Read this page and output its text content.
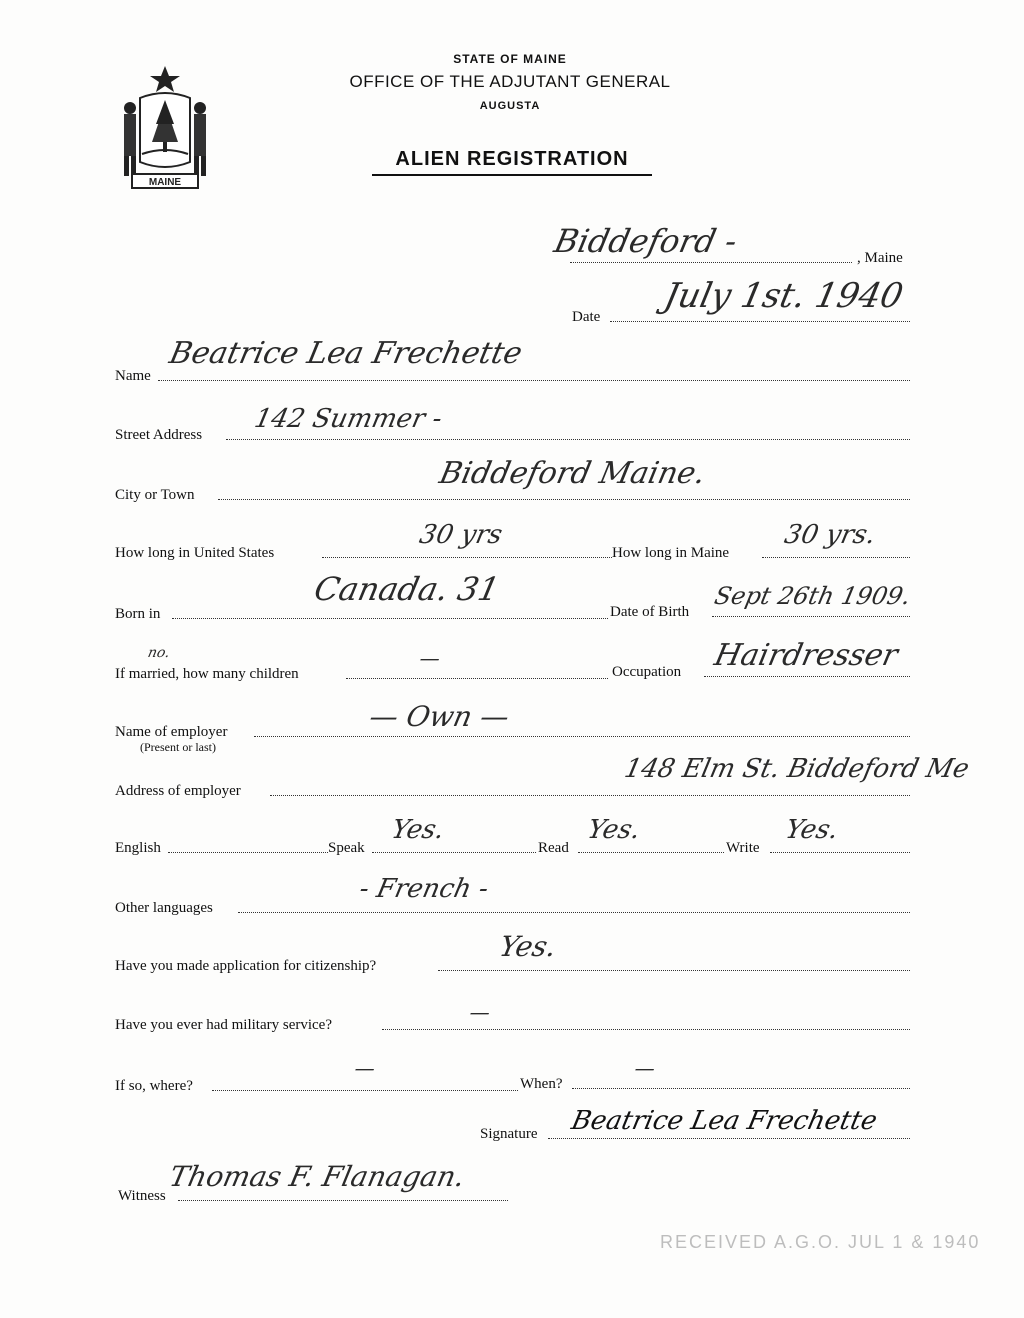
MAINE
STATE OF MAINE
OFFICE OF THE ADJUTANT GENERAL
AUGUSTA
ALIEN REGISTRATION
Biddeford -	, Maine
Date
July 1st. 1940
Name
Beatrice Lea Frechette
Street Address
142 Summer -
City or Town
Biddeford Maine.
How long in United States
30 yrs
How long in Maine
30 yrs.
Born in
Canada. 31
Date of Birth
Sept 26th 1909.
no.
If married, how many children
—
Occupation Hairdresser
Name of employer
(Present or last)
— Own —
Address of employer
148 Elm St. Biddeford Me
English	Speak
Yes.
Read
Yes.
Write
Yes.
Other languages
- French -
Have you made application for citizenship?
Yes.
Have you ever had military service?
—
If so, where?
—
When?
—
Signature Beatrice Lea Frechette
Witness
Thomas F. Flanagan.
RECEIVED A.G.O. JUL 1 & 1940
